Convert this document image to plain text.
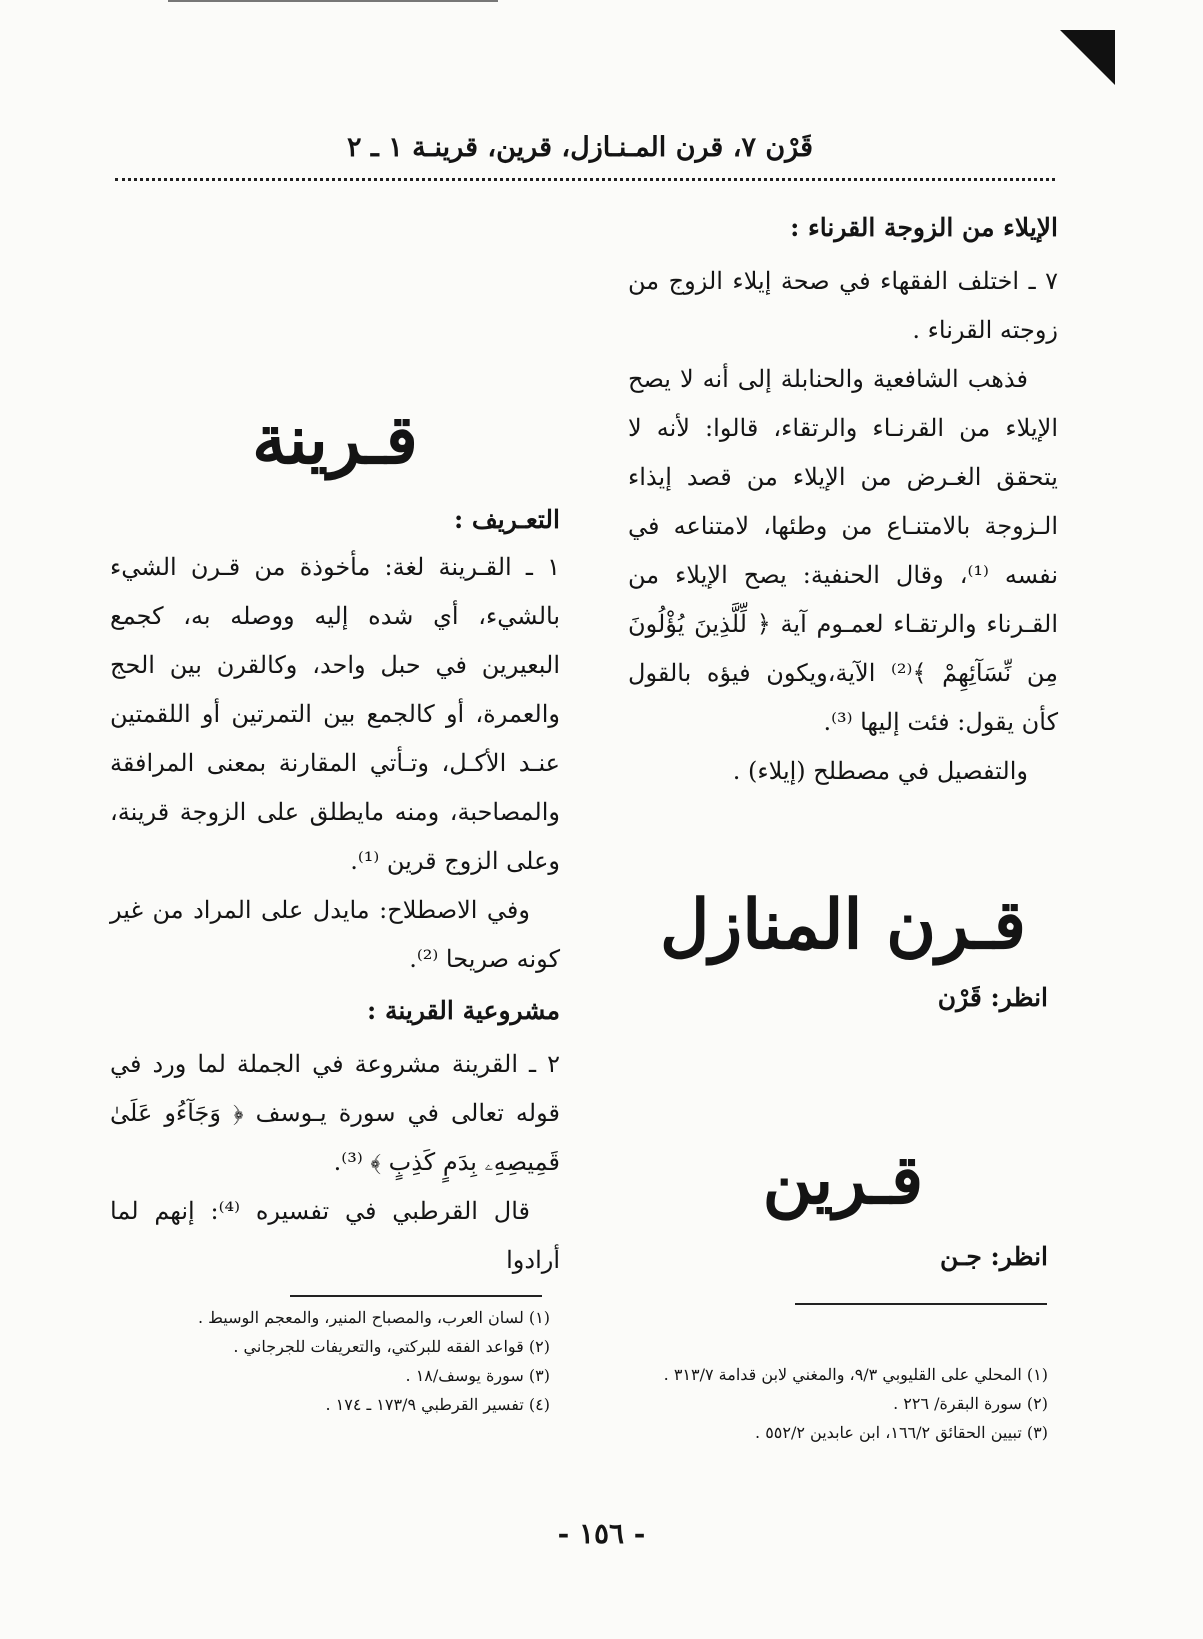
قَرْن ٧، قرن المـنـازل، قرين، قرينـة ١ ـ ٢
الإيلاء من الزوجة القرناء :
٧ ـ اختلف الفقهاء في صحة إيلاء الزوج من زوجته القرناء .
فذهب الشافعية والحنابلة إلى أنه لا يصح الإيلاء من القرنـاء والرتقاء، قالوا: لأنه لا يتحقق الغـرض من الإيلاء من قصد إيذاء الـزوجة بالامتنـاع من وطئها، لامتناعه في نفسه ⁽¹⁾، وقال الحنفية: يصح الإيلاء من القـرناء والرتقـاء لعمـوم آية ﴿ لِّلَّذِينَ يُؤْلُونَ مِن نِّسَآئِهِمْ ﴾⁽²⁾ الآية،ويكون فيؤه بالقول كأن يقول: فئت إليها ⁽³⁾.
والتفصيل في مصطلح (إيلاء) .
قـرن المنازل
انظر: قَرْن
قـرين
انظر: جـن
قـرينة
التعـريف :
١ ـ القـرينة لغة: مأخوذة من قـرن الشيء بالشيء، أي شده إليه ووصله به، كجمع البعيرين في حبل واحد، وكالقرن بين الحج والعمرة، أو كالجمع بين التمرتين أو اللقمتين عنـد الأكـل، وتـأتي المقارنة بمعنى المرافقة والمصاحبة، ومنه مايطلق على الزوجة قرينة، وعلى الزوج قرين ⁽¹⁾.
وفي الاصطلاح: مايدل على المراد من غير كونه صريحا ⁽²⁾.
مشروعية القرينة :
٢ ـ القرينة مشروعة في الجملة لما ورد في قوله تعالى في سورة يـوسف ﴿ وَجَآءُو عَلَىٰ قَمِيصِهِۦ بِدَمٍ كَذِبٍ ﴾ ⁽³⁾.
قال القرطبي في تفسيره ⁽⁴⁾: إنهم لما أرادوا
(١) لسان العرب، والمصباح المنير، والمعجم الوسيط .
(٢) قواعد الفقه للبركتي، والتعريفات للجرجاني .
(٣) سورة يوسف/١٨ .
(٤) تفسير القرطبي ١٧٣/٩ ـ ١٧٤ .
(١) المحلي على القليوبي ٩/٣، والمغني لابن قدامة ٣١٣/٧ .
(٢) سورة البقرة/ ٢٢٦ .
(٣) تبيين الحقائق ١٦٦/٢، ابن عابدين ٥٥٢/٢ .
- ١٥٦ -
